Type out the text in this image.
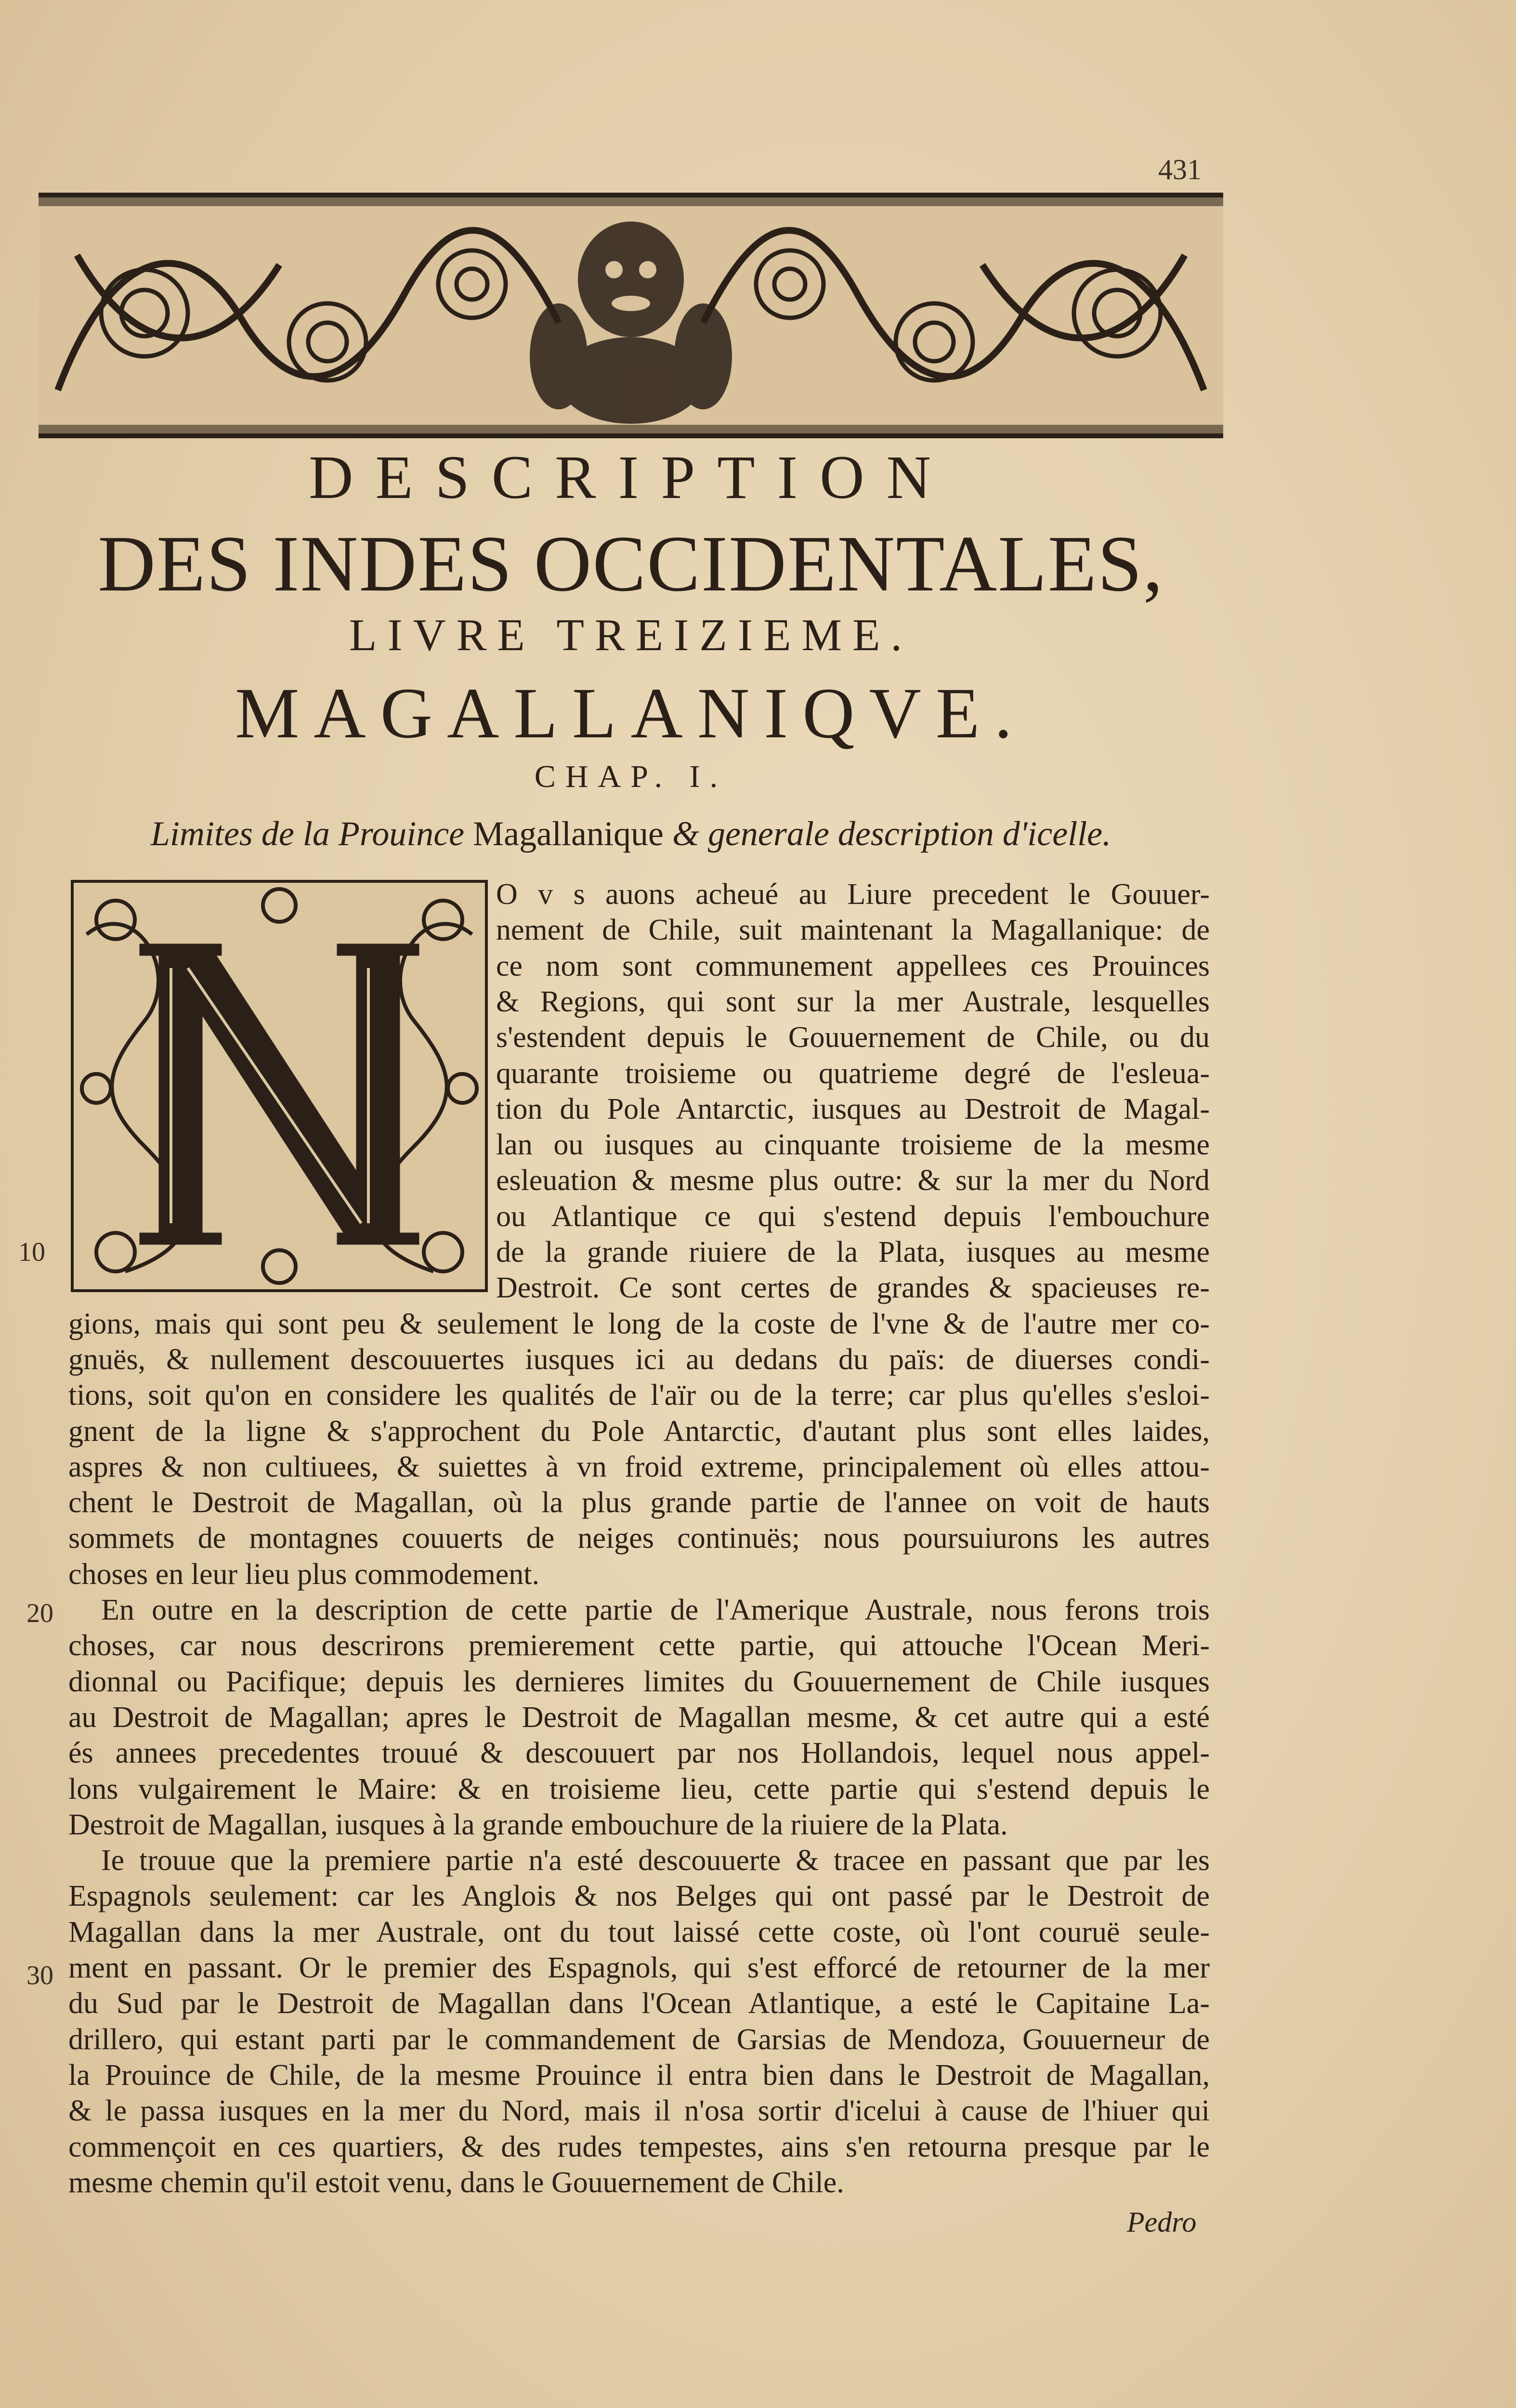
431
DESCRIPTION
DES INDES OCCIDENTALES,
LIVRE TREIZIEME.
MAGALLANIQVE.
CHAP. I.
Limites de la Prouince Magallanique & generale description d'icelle.
O v s auons acheué au Liure precedent le Gouuer-
nement de Chile, suit maintenant la Magallanique: de
ce nom sont communement appellees ces Prouinces
& Regions, qui sont sur la mer Australe, lesquelles
s'estendent depuis le Gouuernement de Chile, ou du
quarante troisieme ou quatrieme degré de l'esleua-
tion du Pole Antarctic, iusques au Destroit de Magal-
lan ou iusques au cinquante troisieme de la mesme
esleuation & mesme plus outre: & sur la mer du Nord
ou Atlantique ce qui s'estend depuis l'embouchure
de la grande riuiere de la Plata, iusques au mesme
Destroit. Ce sont certes de grandes & spacieuses re-
gions, mais qui sont peu & seulement le long de la coste de l'vne & de l'autre mer co-
gnuës, & nullement descouuertes iusques ici au dedans du païs: de diuerses condi-
tions, soit qu'on en considere les qualités de l'aïr ou de la terre; car plus qu'elles s'esloi-
gnent de la ligne & s'approchent du Pole Antarctic, d'autant plus sont elles laides,
aspres & non cultiuees, & suiettes à vn froid extreme, principalement où elles attou-
chent le Destroit de Magallan, où la plus grande partie de l'annee on voit de hauts
sommets de montagnes couuerts de neiges continuës; nous poursuiurons les autres
choses en leur lieu plus commodement.
En outre en la description de cette partie de l'Amerique Australe, nous ferons trois
choses, car nous descrirons premierement cette partie, qui attouche l'Ocean Meri-
dionnal ou Pacifique; depuis les dernieres limites du Gouuernement de Chile iusques
au Destroit de Magallan; apres le Destroit de Magallan mesme, & cet autre qui a esté
és annees precedentes trouué & descouuert par nos Hollandois, lequel nous appel-
lons vulgairement le Maire: & en troisieme lieu, cette partie qui s'estend depuis le
Destroit de Magallan, iusques à la grande embouchure de la riuiere de la Plata.
Ie trouue que la premiere partie n'a esté descouuerte & tracee en passant que par les
Espagnols seulement: car les Anglois & nos Belges qui ont passé par le Destroit de
Magallan dans la mer Australe, ont du tout laissé cette coste, où l'ont couruë seule-
ment en passant. Or le premier des Espagnols, qui s'est efforcé de retourner de la mer
du Sud par le Destroit de Magallan dans l'Ocean Atlantique, a esté le Capitaine La-
drillero, qui estant parti par le commandement de Garsias de Mendoza, Gouuerneur de
la Prouince de Chile, de la mesme Prouince il entra bien dans le Destroit de Magallan,
& le passa iusques en la mer du Nord, mais il n'osa sortir d'icelui à cause de l'hiuer qui
commençoit en ces quartiers, & des rudes tempestes, ains s'en retourna presque par le
mesme chemin qu'il estoit venu, dans le Gouuernement de Chile.
10
20
30
Pedro
